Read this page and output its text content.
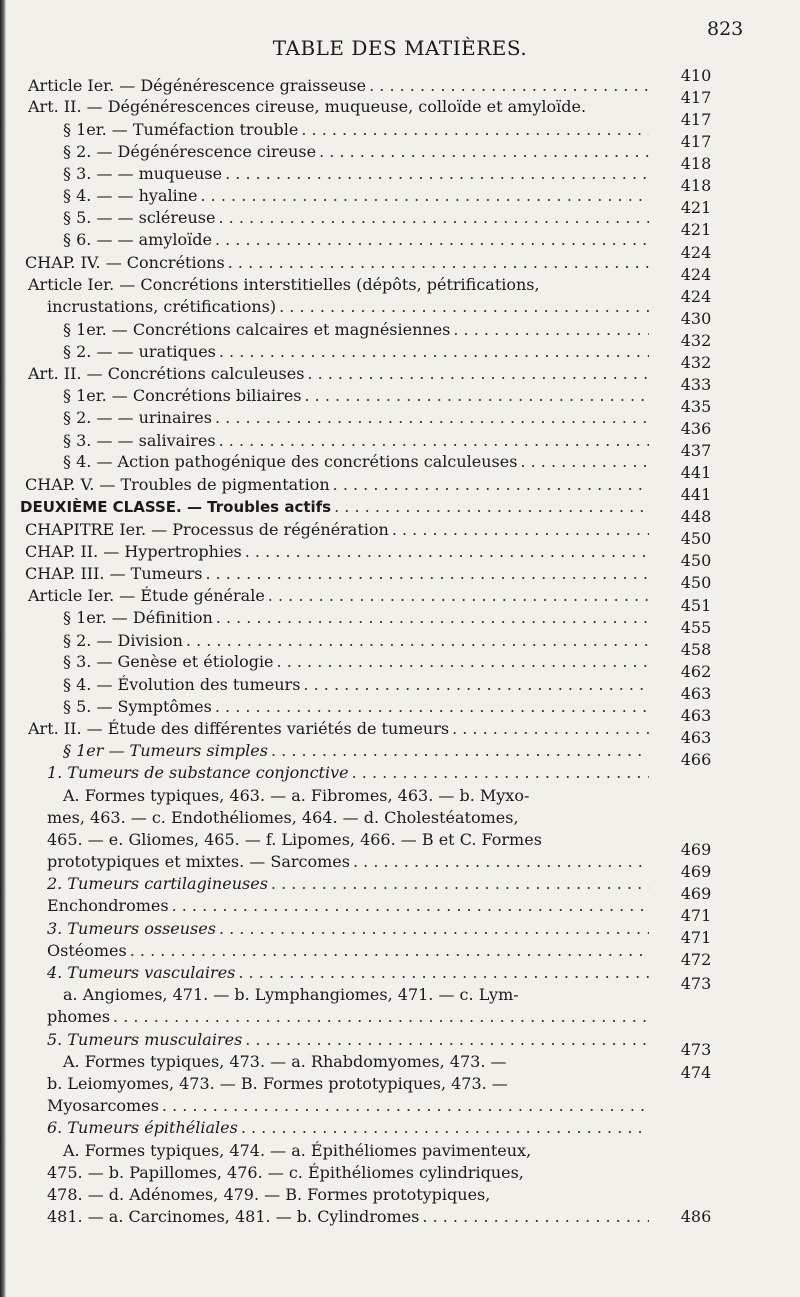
TABLE DES MATIÈRES.
823
Article Ier. — Dégénérescence graisseuse
. . .
Art. II. — Dégénérescences cireuse, muqueuse, colloïde et amyloïde.
§ 1er. — Tuméfaction trouble
. . .
§ 2. — Dégénérescence cireuse
. . .
§ 3. — — muqueuse
. . .
§ 4. — — hyaline
. . .
§ 5. — — scléreuse
. . .
§ 6. — — amyloïde
. . .
CHAP. IV. — Concrétions
. . .
Article Ier. — Concrétions interstitielles (dépôts, pétrifications,
incrustations, crétifications)
. . .
§ 1er. — Concrétions calcaires et magnésiennes
. . .
§ 2. — — uratiques
. . .
Art. II. — Concrétions calculeuses
. . .
§ 1er. — Concrétions biliaires
. . .
§ 2. — — urinaires
. . .
§ 3. — — salivaires
. . .
§ 4. — Action pathogénique des concrétions calculeuses
. . .
CHAP. V. — Troubles de pigmentation
. . .
DEUXIÈME CLASSE. — Troubles actifs
. . .
CHAPITRE Ier. — Processus de régénération
. . .
CHAP. II. — Hypertrophies
. . .
CHAP. III. — Tumeurs
. . .
Article Ier. — Étude générale
. . .
§ 1er. — Définition
. . .
§ 2. — Division
. . .
§ 3. — Genèse et étiologie
. . .
§ 4. — Évolution des tumeurs
. . .
§ 5. — Symptômes
. . .
Art. II. — Étude des différentes variétés de tumeurs
. . .
§ 1er — Tumeurs simples
. . .
1. Tumeurs de substance conjonctive
. . .
A. Formes typiques, 463. — a. Fibromes, 463. — b. Myxo-
mes, 463. — c. Endothéliomes, 464. — d. Cholestéatomes,
465. — e. Gliomes, 465. — f. Lipomes, 466. — B et C. Formes
prototypiques et mixtes. — Sarcomes
. . .
2. Tumeurs cartilagineuses
. . .
Enchondromes
. . .
3. Tumeurs osseuses
. . .
Ostéomes
. . .
4. Tumeurs vasculaires
. . .
a. Angiomes, 471. — b. Lymphangiomes, 471. — c. Lym-
phomes
. . .
5. Tumeurs musculaires
. . .
A. Formes typiques, 473. — a. Rhabdomyomes, 473. —
b. Leiomyomes, 473. — B. Formes prototypiques, 473. —
Myosarcomes
. . .
6. Tumeurs épithéliales
. . .
A. Formes typiques, 474. — a. Épithéliomes pavimenteux,
475. — b. Papillomes, 476. — c. Épithéliomes cylindriques,
478. — d. Adénomes, 479. — B. Formes prototypiques,
481. — a. Carcinomes, 481. — b. Cylindromes
. . .
410
417
417
417
418
418
421
421
424
424
424
430
432
432
433
435
436
437
441
441
448
450
450
450
451
455
458
462
463
463
463
466
469
469
469
471
471
472
473
473
474
486
